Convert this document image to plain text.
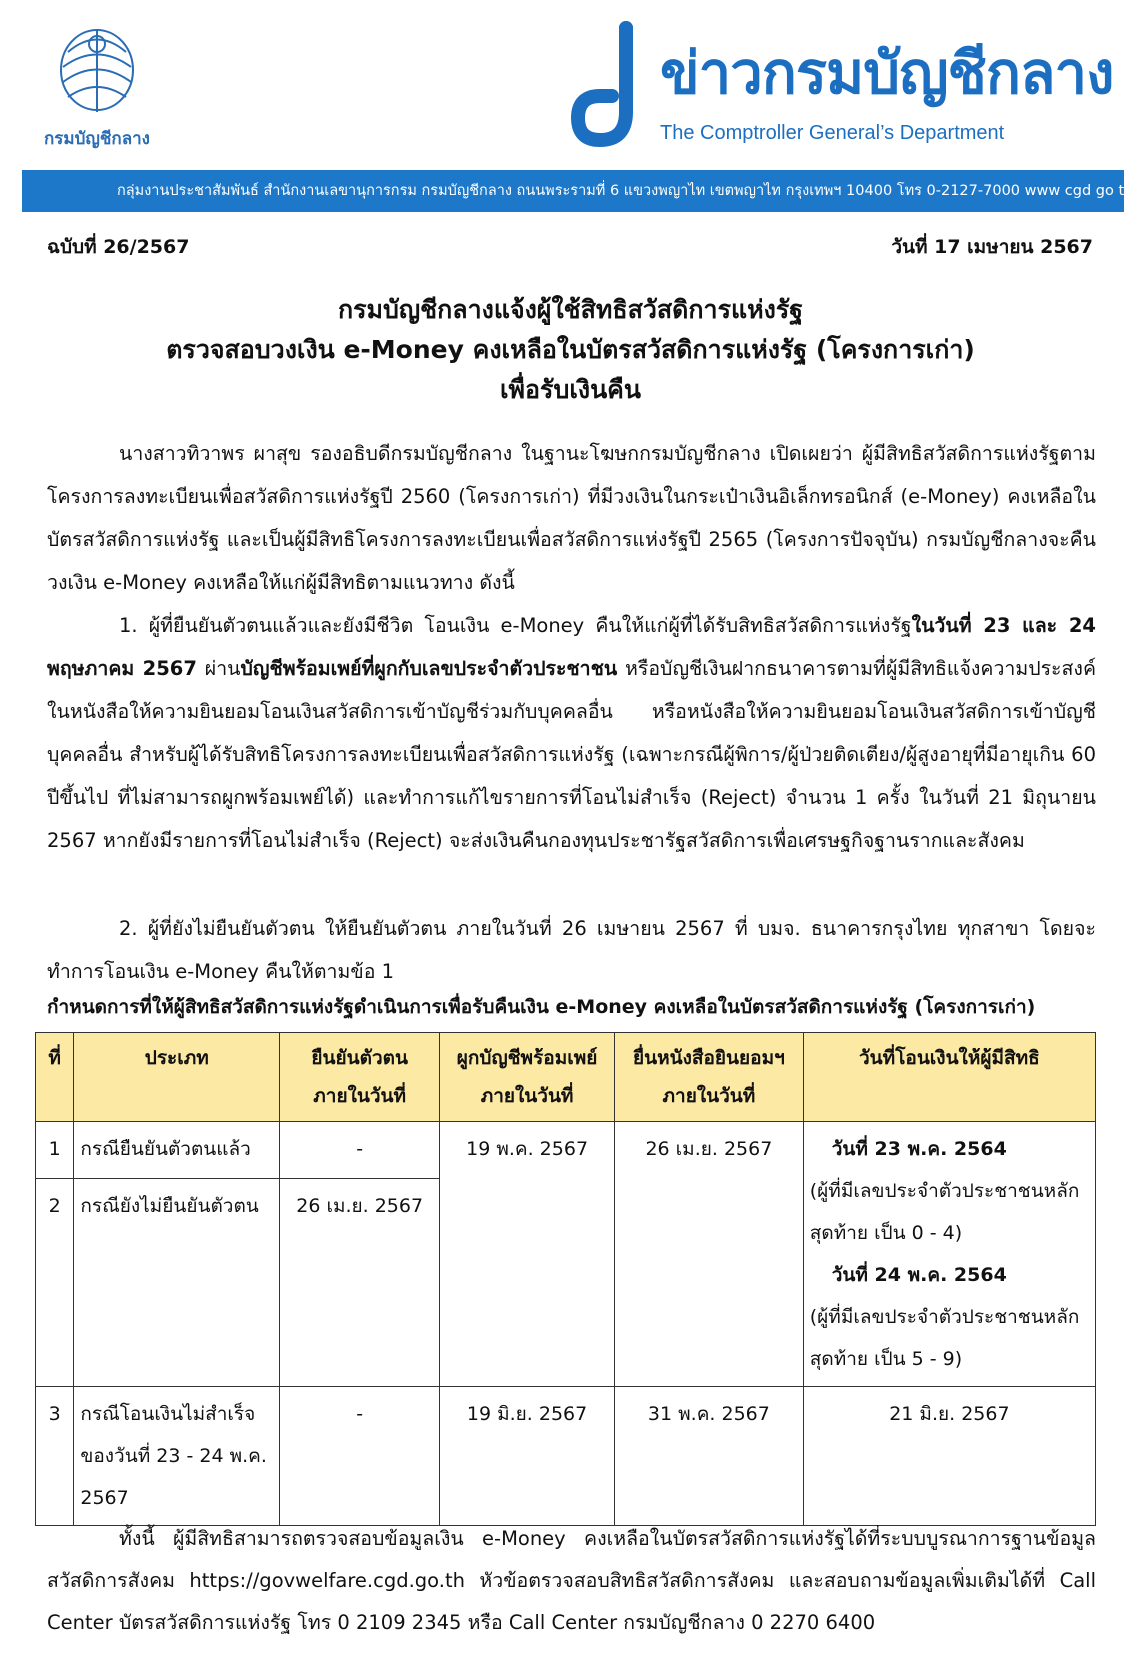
กรมบัญชีกลาง
ข่าวกรมบัญชีกลาง
The Comptroller General’s Department
กลุ่มงานประชาสัมพันธ์ สำนักงานเลขานุการกรม กรมบัญชีกลาง ถนนพระรามที่ 6 แขวงพญาไท เขตพญาไท กรุงเทพฯ 10400 โทร 0-2127-7000 www cgd go th
ฉบับที่ 26/2567	วันที่ 17 เมษายน 2567
กรมบัญชีกลางแจ้งผู้ใช้สิทธิสวัสดิการแห่งรัฐ
ตรวจสอบวงเงิน e-Money คงเหลือในบัตรสวัสดิการแห่งรัฐ (โครงการเก่า)
เพื่อรับเงินคืน
นางสาวทิวาพร ผาสุข รองอธิบดีกรมบัญชีกลาง ในฐานะโฆษกกรมบัญชีกลาง เปิดเผยว่า ผู้มีสิทธิสวัสดิการแห่งรัฐตามโครงการลงทะเบียนเพื่อสวัสดิการแห่งรัฐปี 2560 (โครงการเก่า) ที่มีวงเงินในกระเป๋าเงินอิเล็กทรอนิกส์ (e-Money) คงเหลือในบัตรสวัสดิการแห่งรัฐ และเป็นผู้มีสิทธิโครงการลงทะเบียนเพื่อสวัสดิการแห่งรัฐปี 2565 (โครงการปัจจุบัน) กรมบัญชีกลางจะคืนวงเงิน e-Money คงเหลือให้แก่ผู้มีสิทธิตามแนวทาง ดังนี้
1. ผู้ที่ยืนยันตัวตนแล้วและยังมีชีวิต โอนเงิน e-Money คืนให้แก่ผู้ที่ได้รับสิทธิสวัสดิการแห่งรัฐในวันที่ 23 และ 24 พฤษภาคม 2567 ผ่านบัญชีพร้อมเพย์ที่ผูกกับเลขประจำตัวประชาชน หรือบัญชีเงินฝากธนาคารตามที่ผู้มีสิทธิแจ้งความประสงค์ในหนังสือให้ความยินยอมโอนเงินสวัสดิการเข้าบัญชีร่วมกับบุคคลอื่น หรือหนังสือให้ความยินยอมโอนเงินสวัสดิการเข้าบัญชีบุคคลอื่น สำหรับผู้ได้รับสิทธิโครงการลงทะเบียนเพื่อสวัสดิการแห่งรัฐ (เฉพาะกรณีผู้พิการ/ผู้ป่วยติดเตียง/ผู้สูงอายุที่มีอายุเกิน 60 ปีขึ้นไป ที่ไม่สามารถผูกพร้อมเพย์ได้) และทำการแก้ไขรายการที่โอนไม่สำเร็จ (Reject) จำนวน 1 ครั้ง ในวันที่ 21 มิถุนายน 2567 หากยังมีรายการที่โอนไม่สำเร็จ (Reject) จะส่งเงินคืนกองทุนประชารัฐสวัสดิการเพื่อเศรษฐกิจฐานรากและสังคม
2. ผู้ที่ยังไม่ยืนยันตัวตน ให้ยืนยันตัวตน ภายในวันที่ 26 เมษายน 2567 ที่ บมจ. ธนาคารกรุงไทย ทุกสาขา โดยจะทำการโอนเงิน e-Money คืนให้ตามข้อ 1
กำหนดการที่ให้ผู้สิทธิสวัสดิการแห่งรัฐดำเนินการเพื่อรับคืนเงิน e-Money คงเหลือในบัตรสวัสดิการแห่งรัฐ (โครงการเก่า)
ที่	ประเภท	ยืนยันตัวตน ภายในวันที่	ผูกบัญชีพร้อมเพย์ ภายในวันที่	ยื่นหนังสือยินยอมฯ ภายในวันที่	วันที่โอนเงินให้ผู้มีสิทธิ
1	กรณียืนยันตัวตนแล้ว	-	19 พ.ค. 2567	26 เม.ย. 2567	วันที่ 23 พ.ค. 2564
(ผู้ที่มีเลขประจำตัวประชาชนหลักสุดท้าย เป็น 0 - 4)
วันที่ 24 พ.ค. 2564
(ผู้ที่มีเลขประจำตัวประชาชนหลักสุดท้าย เป็น 5 - 9)

2	กรณียังไม่ยืนยันตัวตน	26 เม.ย. 2567			
3	กรณีโอนเงินไม่สำเร็จ ของวันที่ 23 - 24 พ.ค. 2567	-	19 มิ.ย. 2567	31 พ.ค. 2567	21 มิ.ย. 2567
ทั้งนี้ ผู้มีสิทธิสามารถตรวจสอบข้อมูลเงิน e-Money คงเหลือในบัตรสวัสดิการแห่งรัฐได้ที่ระบบบูรณาการฐานข้อมูลสวัสดิการสังคม https://govwelfare.cgd.go.th หัวข้อตรวจสอบสิทธิสวัสดิการสังคม และสอบถามข้อมูลเพิ่มเติมได้ที่ Call Center บัตรสวัสดิการแห่งรัฐ โทร 0 2109 2345 หรือ Call Center กรมบัญชีกลาง 0 2270 6400
